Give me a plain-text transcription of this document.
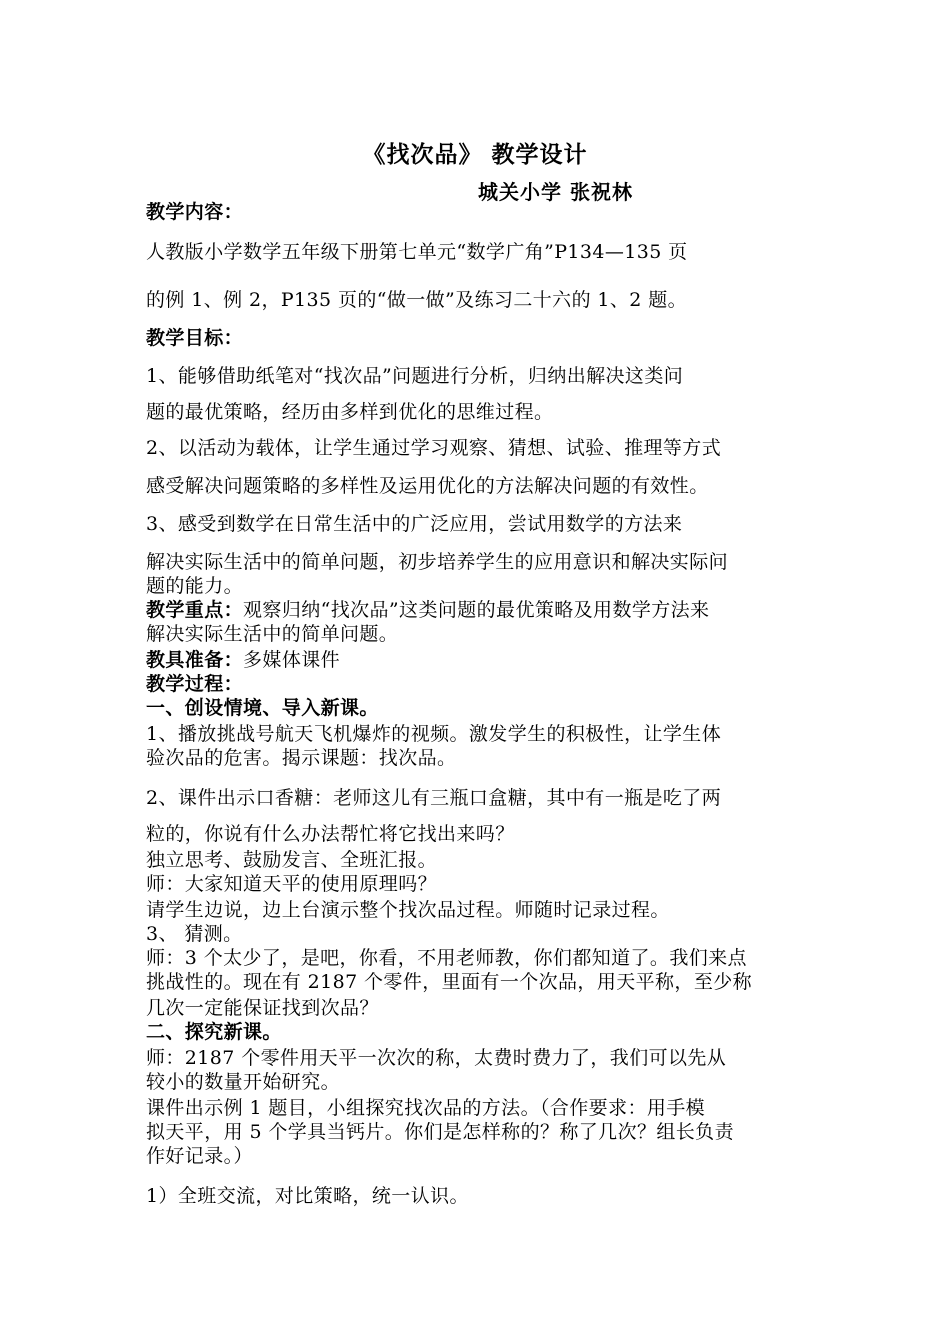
《找次品》 教学设计

城关小学 张祝林

教学内容：

人教版小学数学五年级下册第七单元“数学广角”P134—135 页

的例 1、例 2，P135 页的“做一做”及练习二十六的 1、2 题。

教学目标：

1、能够借助纸笔对“找次品”问题进行分析，归纳出解决这类问

题的最优策略，经历由多样到优化的思维过程。

2、以活动为载体，让学生通过学习观察、猜想、试验、推理等方式

感受解决问题策略的多样性及运用优化的方法解决问题的有效性。

3、感受到数学在日常生活中的广泛应用，尝试用数学的方法来

解决实际生活中的简单问题，初步培养学生的应用意识和解决实际问

题的能力。

教学重点：观察归纳“找次品”这类问题的最优策略及用数学方法来

解决实际生活中的简单问题。

教具准备：多媒体课件

教学过程：

一、创设情境、导入新课。

1、播放挑战号航天飞机爆炸的视频。激发学生的积极性，让学生体

验次品的危害。揭示课题：找次品。

2、课件出示口香糖：老师这儿有三瓶口盒糖，其中有一瓶是吃了两

粒的，你说有什么办法帮忙将它找出来吗？

独立思考、鼓励发言、全班汇报。

师：大家知道天平的使用原理吗？

请学生边说，边上台演示整个找次品过程。师随时记录过程。

3、 猜测。

师：3 个太少了，是吧，你看，不用老师教，你们都知道了。我们来点

挑战性的。现在有 2187 个零件，里面有一个次品，用天平称，至少称

几次一定能保证找到次品？

二、探究新课。

师：2187 个零件用天平一次次的称，太费时费力了，我们可以先从

较小的数量开始研究。

课件出示例 1 题目，小组探究找次品的方法。（合作要求：用手模

拟天平，用 5 个学具当钙片。你们是怎样称的？称了几次？组长负责

作好记录。）

1）全班交流，对比策略，统一认识。
